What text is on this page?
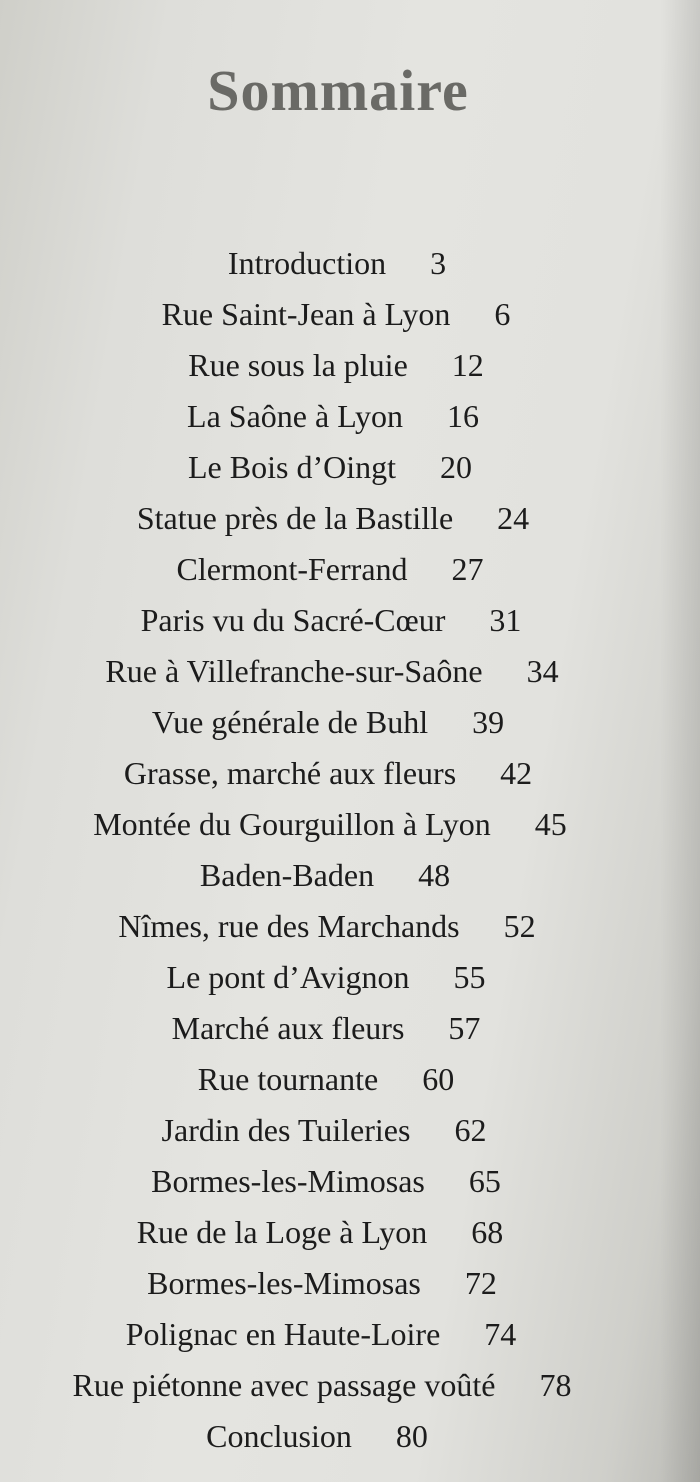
Sommaire
Introduction 3
Rue Saint-Jean à Lyon 6
Rue sous la pluie 12
La Saône à Lyon 16
Le Bois d’Oingt 20
Statue près de la Bastille 24
Clermont-Ferrand 27
Paris vu du Sacré-Cœur 31
Rue à Villefranche-sur-Saône 34
Vue générale de Buhl 39
Grasse, marché aux fleurs 42
Montée du Gourguillon à Lyon 45
Baden-Baden 48
Nîmes, rue des Marchands 52
Le pont d’Avignon 55
Marché aux fleurs 57
Rue tournante 60
Jardin des Tuileries 62
Bormes-les-Mimosas 65
Rue de la Loge à Lyon 68
Bormes-les-Mimosas 72
Polignac en Haute-Loire 74
Rue piétonne avec passage voûté 78
Conclusion 80
